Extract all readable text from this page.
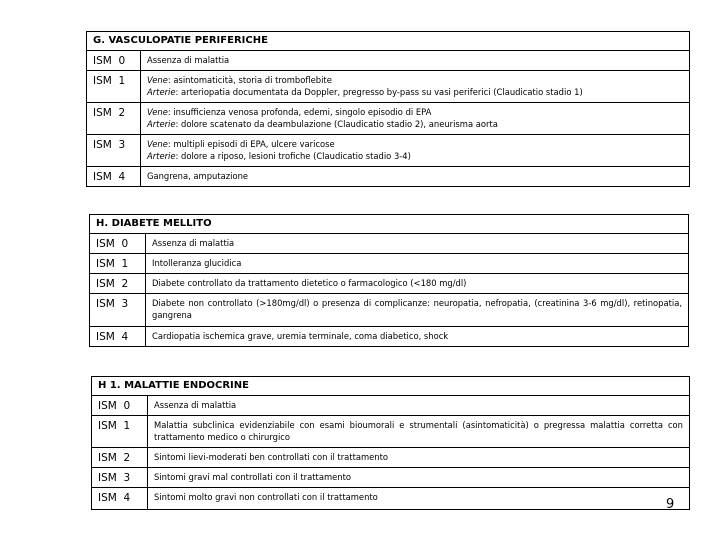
G. VASCULOPATIE PERIFERICHE	
ISM  0	Assenza di malattia
ISM  1	Vene: asintomaticità, storia di tromboflebite
Arterie: arteriopatia documentata da Doppler, pregresso by-pass su vasi periferici (Claudicatio stadio 1)
ISM  2	Vene: insufficienza venosa profonda, edemi, singolo episodio di EPA
Arterie: dolore scatenato da deambulazione (Claudicatio stadio 2), aneurisma aorta
ISM  3	Vene: multipli episodi di EPA, ulcere varicose
Arterie: dolore a riposo, lesioni trofiche (Claudicatio stadio 3-4)
ISM  4	Gangrena, amputazione
H. DIABETE MELLITO	
ISM  0	Assenza di malattia
ISM  1	Intolleranza glucidica
ISM  2	Diabete controllato da trattamento dietetico o farmacologico (<180 mg/dl)
ISM  3	Diabete non controllato (>180mg/dl) o presenza di complicanze: neuropatia, nefropatia, (creatinina 3-6 mg/dl), retinopatia, gangrena
ISM  4	Cardiopatia ischemica grave, uremia terminale, coma diabetico, shock
H 1. MALATTIE ENDOCRINE	
ISM  0	Assenza di malattia
ISM  1	Malattia subclinica evidenziabile con esami bioumorali e strumentali (asintomaticità) o pregressa malattia corretta con trattamento medico o chirurgico
ISM  2	Sintomi lievi-moderati ben controllati con il trattamento
ISM  3	Sintomi gravi mal controllati con il trattamento
ISM  4	Sintomi molto gravi non controllati con il trattamento	9
